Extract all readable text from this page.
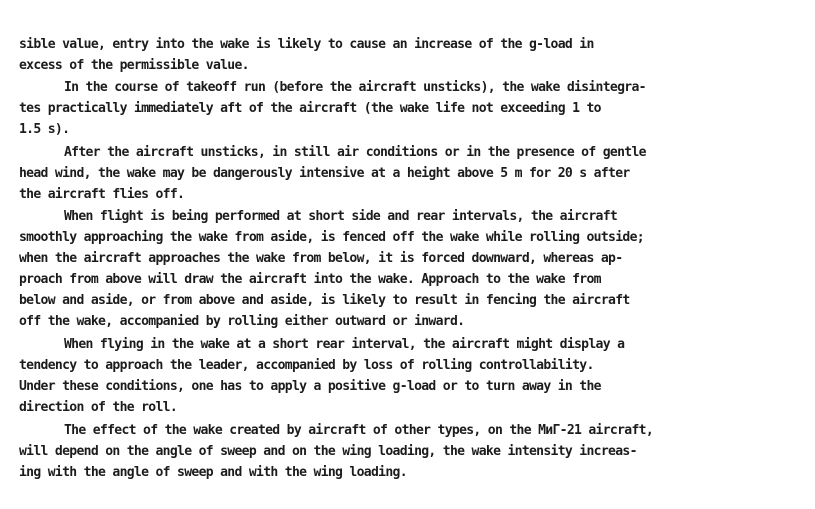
sible value, entry into the wake is likely to cause an increase of the g-load in
excess of the permissible value.
In the course of takeoff run (before the aircraft unsticks), the wake disintegra-
tes practically immediately aft of the aircraft (the wake life not exceeding 1 to
1.5 s).
After the aircraft unsticks, in still air conditions or in the presence of gentle
head wind, the wake may be dangerously intensive at a height above 5 m for 20 s after
the aircraft flies off.
When flight is being performed at short side and rear intervals, the aircraft
smoothly approaching the wake from aside, is fenced off the wake while rolling outside;
when the aircraft approaches the wake from below, it is forced downward, whereas ap-
proach from above will draw the aircraft into the wake. Approach to the wake from
below and aside, or from above and aside, is likely to result in fencing the aircraft
off the wake, accompanied by rolling either outward or inward.
When flying in the wake at a short rear interval, the aircraft might display a
tendency to approach the leader, accompanied by loss of rolling controllability.
Under these conditions, one has to apply a positive g-load or to turn away in the
direction of the roll.
The effect of the wake created by aircraft of other types, on the МиГ-21 aircraft,
will depend on the angle of sweep and on the wing loading, the wake intensity increas-
ing with the angle of sweep and with the wing loading.
